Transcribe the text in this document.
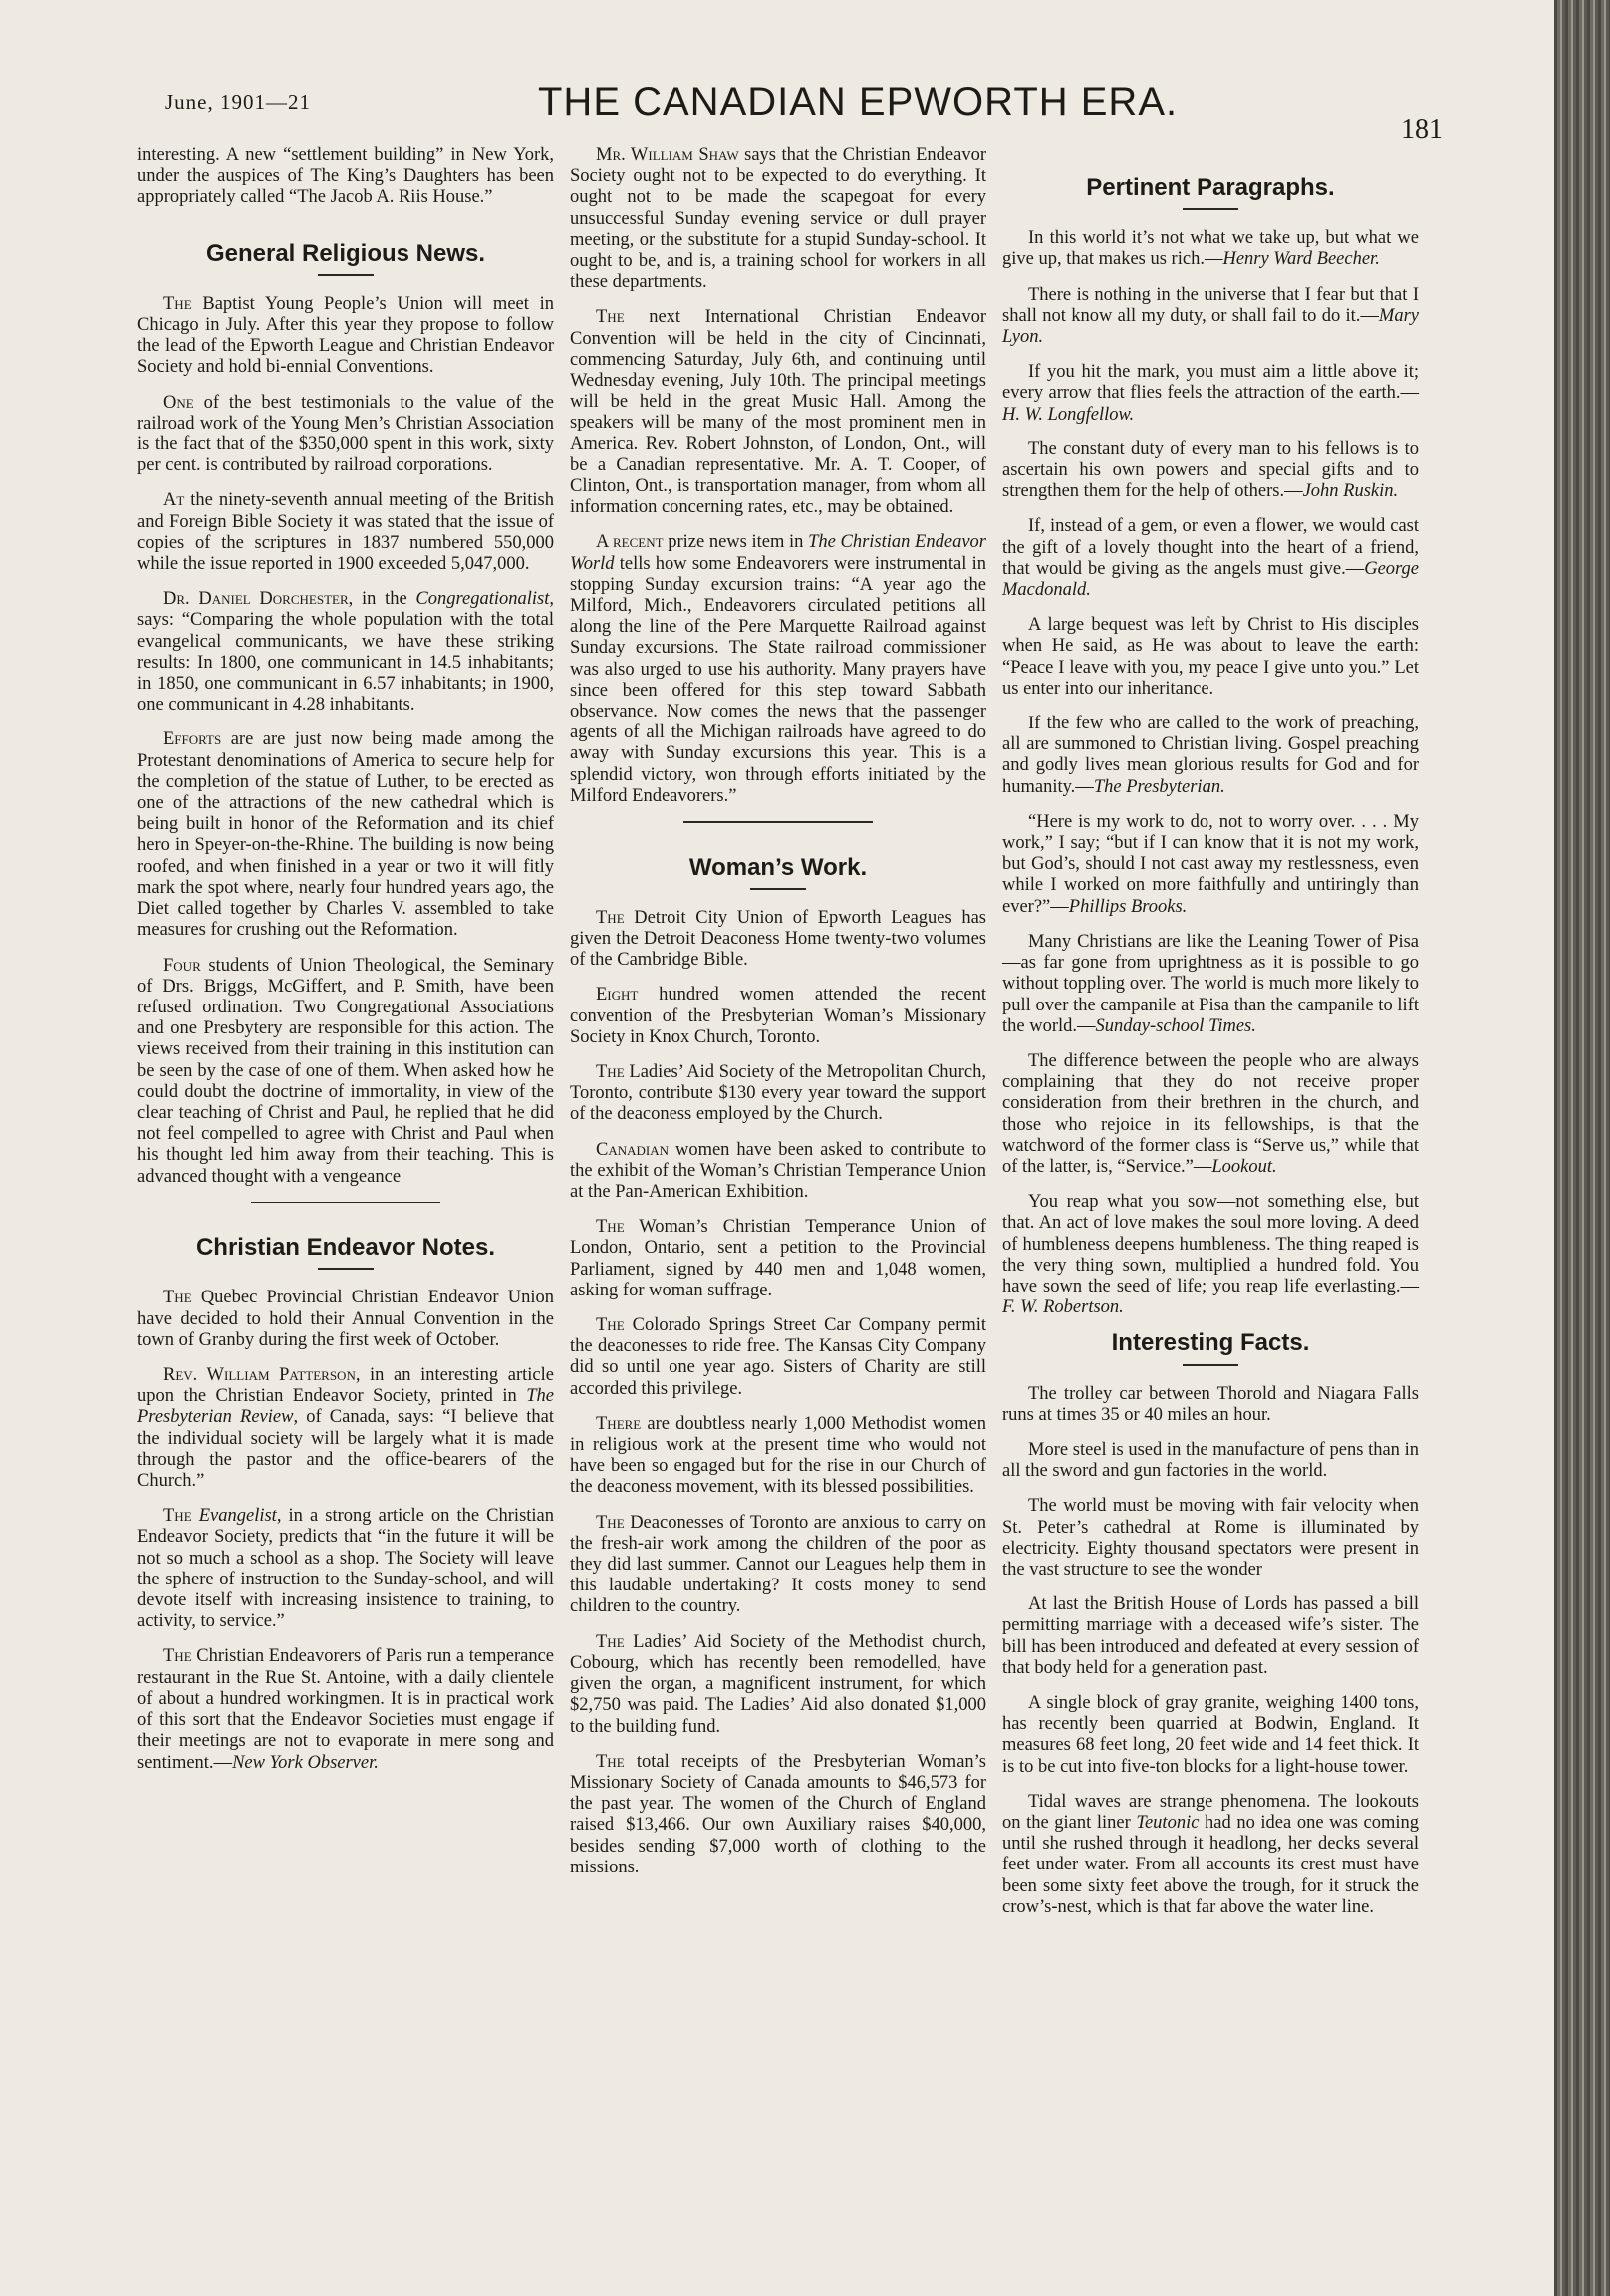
June, 1901—21	THE CANADIAN EPWORTH ERA.
181

interesting. A new “settlement building” in New York, under the auspices of The King’s Daughters has been appropriately called “The Jacob A. Riis House.”

General Religious News.

The Baptist Young People’s Union will meet in Chicago in July. After this year they propose to follow the lead of the Epworth League and Christian Endeavor Society and hold bi-ennial Conventions.

One of the best testimonials to the value of the railroad work of the Young Men’s Christian Association is the fact that of the $350,000 spent in this work, sixty per cent. is contributed by railroad corporations.

At the ninety-seventh annual meeting of the British and Foreign Bible Society it was stated that the issue of copies of the scriptures in 1837 numbered 550,000 while the issue reported in 1900 exceeded 5,047,000.

Dr. Daniel Dorchester, in the Congregationalist, says: “Comparing the whole population with the total evangelical communicants, we have these striking results: In 1800, one communicant in 14.5 inhabitants; in 1850, one communicant in 6.57 inhabitants; in 1900, one communicant in 4.28 inhabitants.

Efforts are are just now being made among the Protestant denominations of America to secure help for the completion of the statue of Luther, to be erected as one of the attractions of the new cathedral which is being built in honor of the Reformation and its chief hero in Speyer-on-the-Rhine. The building is now being roofed, and when finished in a year or two it will fitly mark the spot where, nearly four hundred years ago, the Diet called together by Charles V. assembled to take measures for crushing out the Reformation.

Four students of Union Theological, the Seminary of Drs. Briggs, McGiffert, and P. Smith, have been refused ordination. Two Congregational Associations and one Presbytery are responsible for this action. The views received from their training in this institution can be seen by the case of one of them. When asked how he could doubt the doctrine of immortality, in view of the clear teaching of Christ and Paul, he replied that he did not feel compelled to agree with Christ and Paul when his thought led him away from their teaching. This is advanced thought with a vengeance

Christian Endeavor Notes.

The Quebec Provincial Christian Endeavor Union have decided to hold their Annual Convention in the town of Granby during the first week of October.

Rev. William Patterson, in an interesting article upon the Christian Endeavor Society, printed in The Presbyterian Review, of Canada, says: “I believe that the individual society will be largely what it is made through the pastor and the office-bearers of the Church.”

The Evangelist, in a strong article on the Christian Endeavor Society, predicts that “in the future it will be not so much a school as a shop. The Society will leave the sphere of instruction to the Sunday-school, and will devote itself with increasing insistence to training, to activity, to service.”

The Christian Endeavorers of Paris run a temperance restaurant in the Rue St. Antoine, with a daily clientele of about a hundred workingmen. It is in practical work of this sort that the Endeavor Societies must engage if their meetings are not to evaporate in mere song and sentiment.—New York Observer.

Mr. William Shaw says that the Christian Endeavor Society ought not to be expected to do everything. It ought not to be made the scapegoat for every unsuccessful Sunday evening service or dull prayer meeting, or the substitute for a stupid Sunday-school. It ought to be, and is, a training school for workers in all these departments.

The next International Christian Endeavor Convention will be held in the city of Cincinnati, commencing Saturday, July 6th, and continuing until Wednesday evening, July 10th. The principal meetings will be held in the great Music Hall. Among the speakers will be many of the most prominent men in America. Rev. Robert Johnston, of London, Ont., will be a Canadian representative. Mr. A. T. Cooper, of Clinton, Ont., is transportation manager, from whom all information concerning rates, etc., may be obtained.

A recent prize news item in The Christian Endeavor World tells how some Endeavorers were instrumental in stopping Sunday excursion trains: “A year ago the Milford, Mich., Endeavorers circulated petitions all along the line of the Pere Marquette Railroad against Sunday excursions. The State railroad commissioner was also urged to use his authority. Many prayers have since been offered for this step toward Sabbath observance. Now comes the news that the passenger agents of all the Michigan railroads have agreed to do away with Sunday excursions this year. This is a splendid victory, won through efforts initiated by the Milford Endeavorers.”

Woman’s Work.

The Detroit City Union of Epworth Leagues has given the Detroit Deaconess Home twenty-two volumes of the Cambridge Bible.

Eight hundred women attended the recent convention of the Presbyterian Woman’s Missionary Society in Knox Church, Toronto.

The Ladies’ Aid Society of the Metropolitan Church, Toronto, contribute $130 every year toward the support of the deaconess employed by the Church.

Canadian women have been asked to contribute to the exhibit of the Woman’s Christian Temperance Union at the Pan-American Exhibition.

The Woman’s Christian Temperance Union of London, Ontario, sent a petition to the Provincial Parliament, signed by 440 men and 1,048 women, asking for woman suffrage.

The Colorado Springs Street Car Company permit the deaconesses to ride free. The Kansas City Company did so until one year ago. Sisters of Charity are still accorded this privilege.

There are doubtless nearly 1,000 Methodist women in religious work at the present time who would not have been so engaged but for the rise in our Church of the deaconess movement, with its blessed possibilities.

The Deaconesses of Toronto are anxious to carry on the fresh-air work among the children of the poor as they did last summer. Cannot our Leagues help them in this laudable undertaking? It costs money to send children to the country.

The Ladies’ Aid Society of the Methodist church, Cobourg, which has recently been remodelled, have given the organ, a magnificent instrument, for which $2,750 was paid. The Ladies’ Aid also donated $1,000 to the building fund.

The total receipts of the Presbyterian Woman’s Missionary Society of Canada amounts to $46,573 for the past year. The women of the Church of England raised $13,466. Our own Auxiliary raises $40,000, besides sending $7,000 worth of clothing to the missions.

Pertinent Paragraphs.

In this world it’s not what we take up, but what we give up, that makes us rich.—Henry Ward Beecher.

There is nothing in the universe that I fear but that I shall not know all my duty, or shall fail to do it.—Mary Lyon.

If you hit the mark, you must aim a little above it; every arrow that flies feels the attraction of the earth.—H. W. Longfellow.

The constant duty of every man to his fellows is to ascertain his own powers and special gifts and to strengthen them for the help of others.—John Ruskin.

If, instead of a gem, or even a flower, we would cast the gift of a lovely thought into the heart of a friend, that would be giving as the angels must give.—George Macdonald.

A large bequest was left by Christ to His disciples when He said, as He was about to leave the earth: “Peace I leave with you, my peace I give unto you.” Let us enter into our inheritance.

If the few who are called to the work of preaching, all are summoned to Christian living. Gospel preaching and godly lives mean glorious results for God and for humanity.—The Presbyterian.

“Here is my work to do, not to worry over. . . . My work,” I say; “but if I can know that it is not my work, but God’s, should I not cast away my restlessness, even while I worked on more faithfully and untiringly than ever?”—Phillips Brooks.

Many Christians are like the Leaning Tower of Pisa—as far gone from uprightness as it is possible to go without toppling over. The world is much more likely to pull over the campanile at Pisa than the campanile to lift the world.—Sunday-school Times.

The difference between the people who are always complaining that they do not receive proper consideration from their brethren in the church, and those who rejoice in its fellowships, is that the watchword of the former class is “Serve us,” while that of the latter, is, “Service.”—Lookout.

You reap what you sow—not something else, but that. An act of love makes the soul more loving. A deed of humbleness deepens humbleness. The thing reaped is the very thing sown, multiplied a hundred fold. You have sown the seed of life; you reap life everlasting.—F. W. Robertson.

Interesting Facts.

The trolley car between Thorold and Niagara Falls runs at times 35 or 40 miles an hour.

More steel is used in the manufacture of pens than in all the sword and gun factories in the world.

The world must be moving with fair velocity when St. Peter’s cathedral at Rome is illuminated by electricity. Eighty thousand spectators were present in the vast structure to see the wonder

At last the British House of Lords has passed a bill permitting marriage with a deceased wife’s sister. The bill has been introduced and defeated at every session of that body held for a generation past.

A single block of gray granite, weighing 1400 tons, has recently been quarried at Bodwin, England. It measures 68 feet long, 20 feet wide and 14 feet thick. It is to be cut into five-ton blocks for a light-house tower.

Tidal waves are strange phenomena. The lookouts on the giant liner Teutonic had no idea one was coming until she rushed through it headlong, her decks several feet under water. From all accounts its crest must have been some sixty feet above the trough, for it struck the crow’s-nest, which is that far above the water line.
